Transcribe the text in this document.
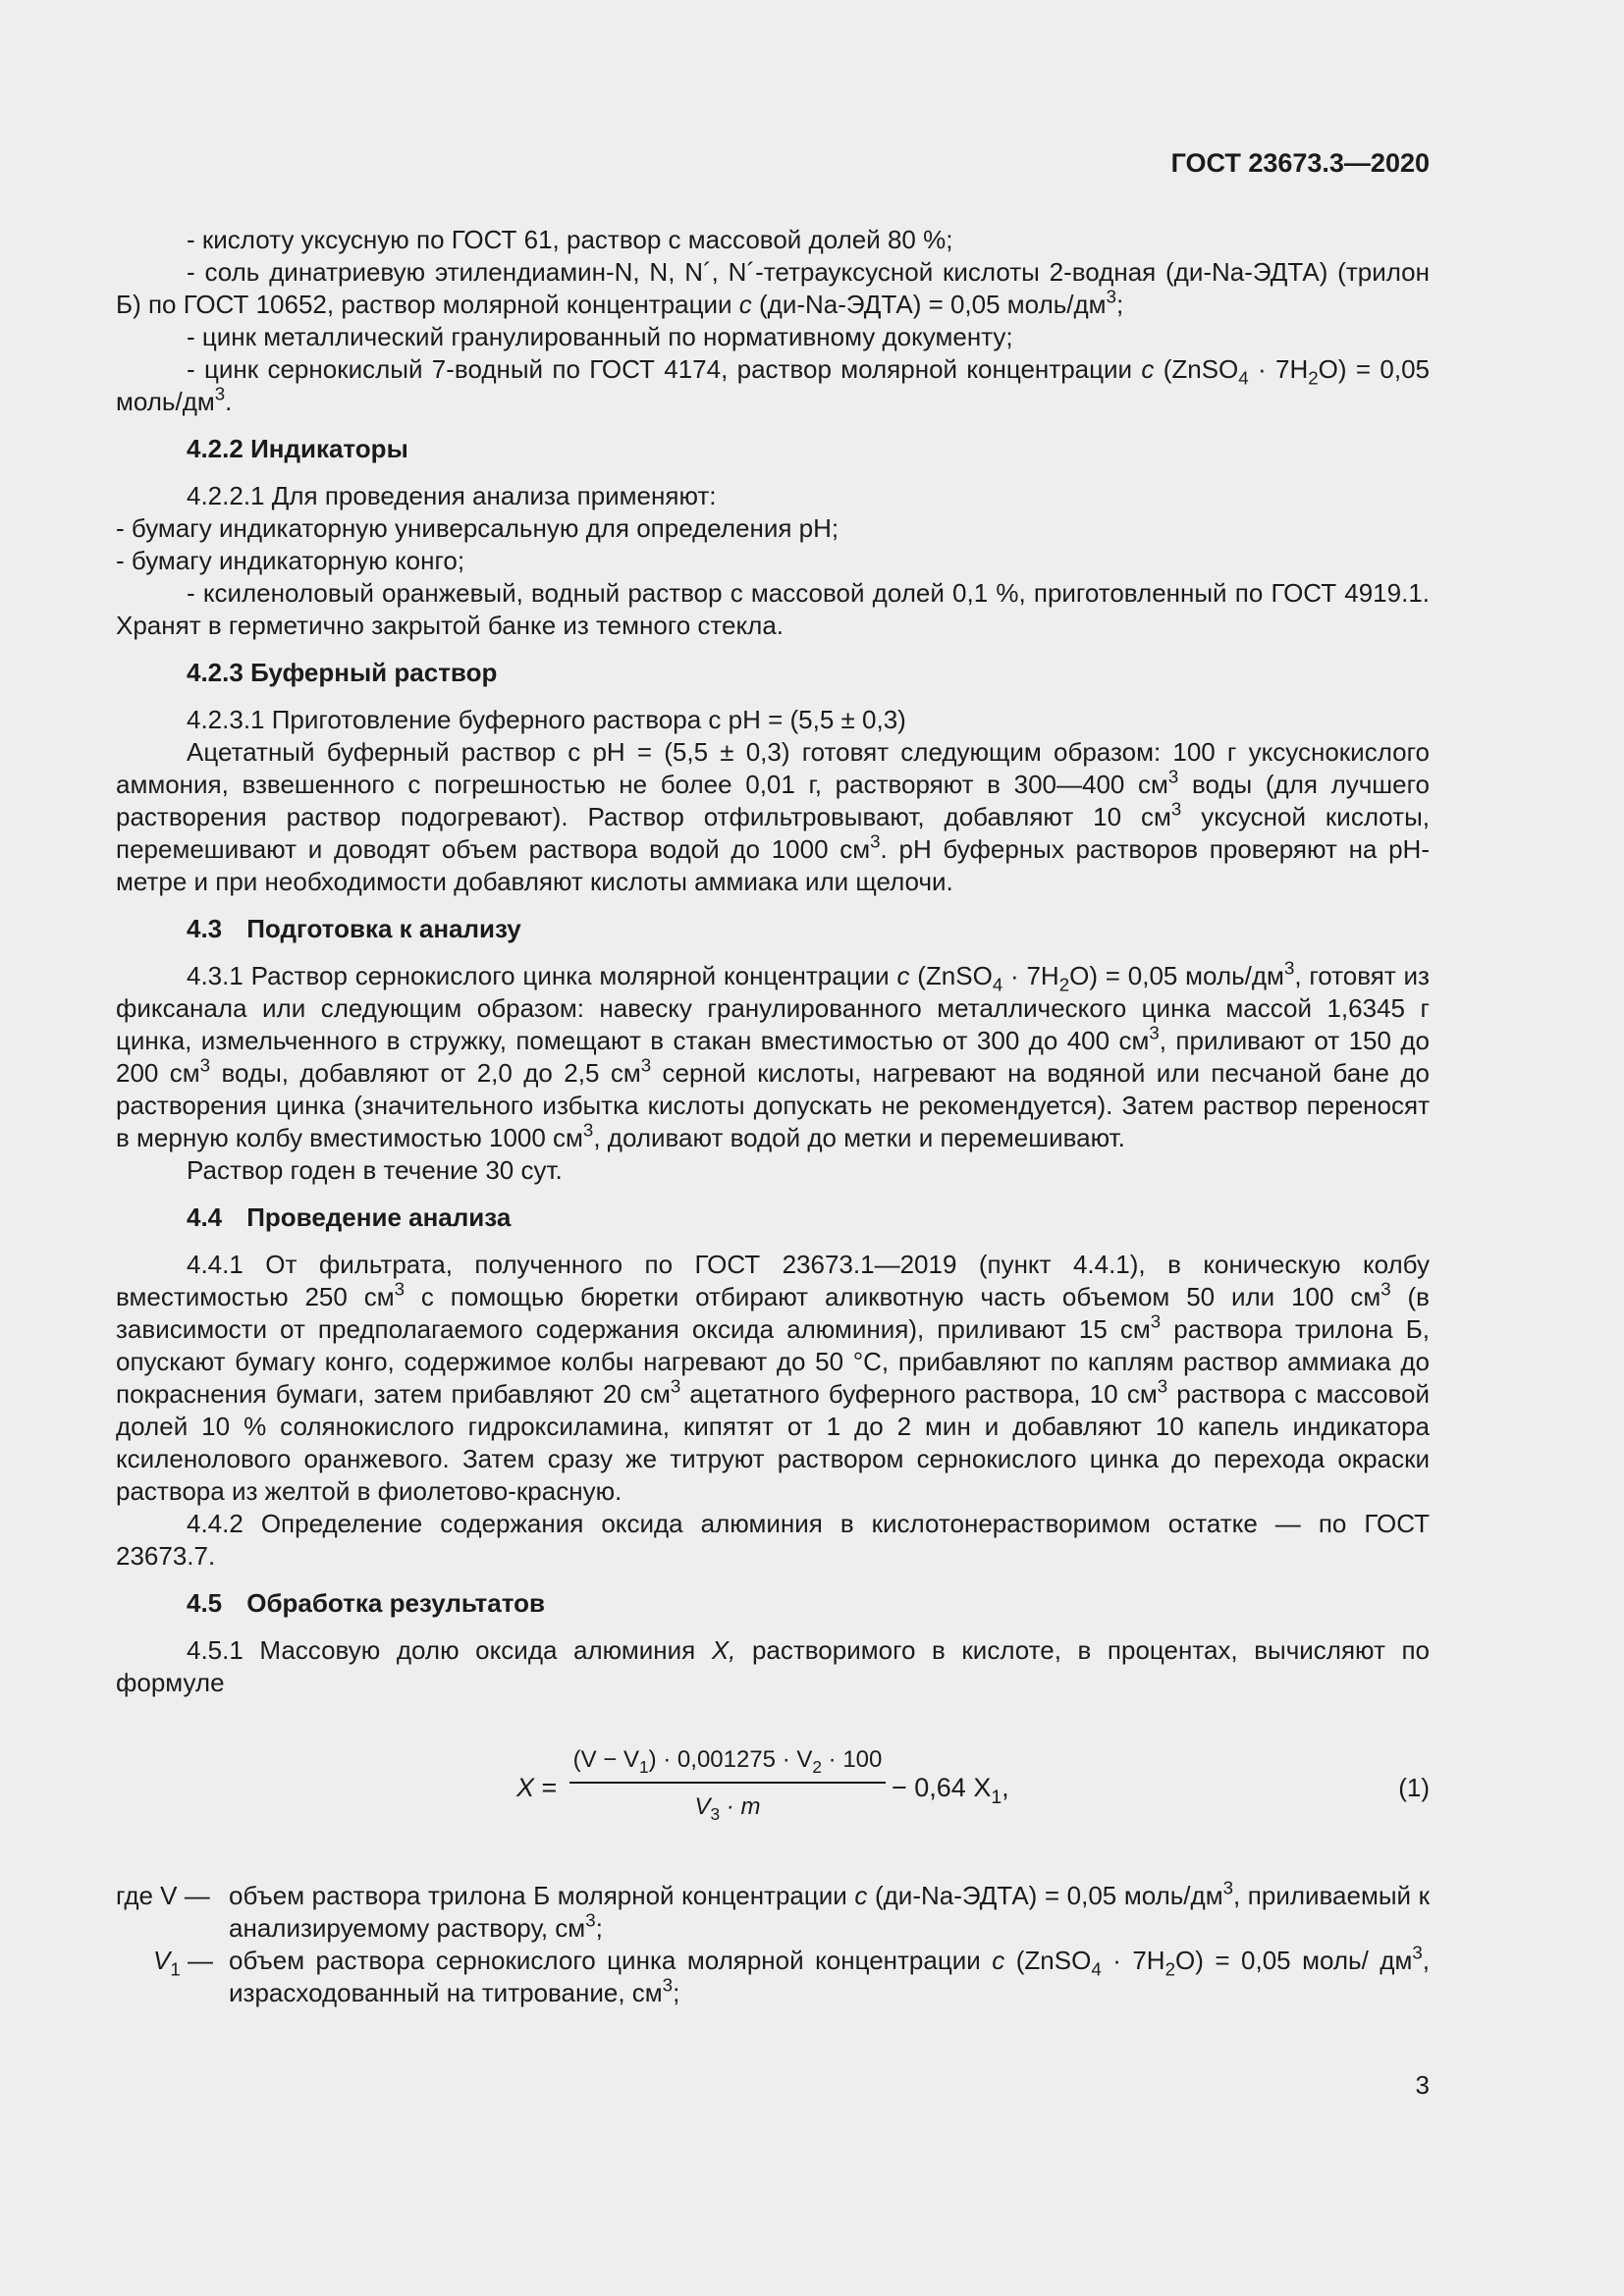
ГОСТ 23673.3—2020

- кислоту уксусную по ГОСТ 61, раствор с массовой долей 80 %;

- соль динатриевую этилендиамин-N, N, N´, N´-тетрауксусной кислоты 2-водная (ди-Na-ЭДТА) (трилон Б) по ГОСТ 10652, раствор молярной концентрации c (ди-Na-ЭДТА) = 0,05 моль/$дм^3$;

- цинк металлический гранулированный по нормативному документу;

- цинк сернокислый 7-водный по ГОСТ 4174, раствор молярной концентрации c (ZnSO$_4$ · $7H_2O) = 0,05$ моль/$дм^3$.

4.2.2 Индикаторы

4.2.2.1 Для проведения анализа применяют:

- бумагу индикаторную универсальную для определения pH;

- бумагу индикаторную конго;

- ксиленоловый оранжевый, водный раствор с массовой долей 0,1 %, приготовленный по ГОСТ 4919.1. Хранят в герметично закрытой банке из темного стекла.

4.2.3 Буферный раствор

4.2.3.1 Приготовление буферного раствора с pH = (5,5 ± 0,3)

Ацетатный буферный раствор с pH = (5,5 ± 0,3) готовят следующим образом: 100 г уксуснокислого аммония, взвешенного с погрешностью не более 0,01 г, растворяют в 300—400 $см^3$ воды (для лучшего растворения раствор подогревают). Раствор отфильтровывают, добавляют 10 $см^3$ уксусной кислоты, перемешивают и доводят объем раствора водой до 1000 $см^3$. pH буферных растворов проверяют на pH-метре и при необходимости добавляют кислоты аммиака или щелочи.

4.3 Подготовка к анализу

4.3.1 Раствор сернокислого цинка молярной концентрации c (ZnSO$_4$ · $7H_2O) = 0,05$ моль/$дм^3$, готовят из фиксанала или следующим образом: навеску гранулированного металлического цинка массой 1,6345 г цинка, измельченного в стружку, помещают в стакан вместимостью от 300 до 400 $см^3$, приливают от 150 до 200 $см^3$ воды, добавляют от 2,0 до 2,5 $см^3$ серной кислоты, нагревают на водяной или песчаной бане до растворения цинка (значительного избытка кислоты допускать не рекомендуется). Затем раствор переносят в мерную колбу вместимостью 1000 $см^3$, доливают водой до метки и перемешивают.

Раствор годен в течение 30 сут.

4.4 Проведение анализа

4.4.1 От фильтрата, полученного по ГОСТ 23673.1—2019 (пункт 4.4.1), в коническую колбу вместимостью 250 $см^3$ с помощью бюретки отбирают аликвотную часть объемом 50 или 100 $см^3$ (в зависимости от предполагаемого содержания оксида алюминия), приливают 15 $см^3$ раствора трилона Б, опускают бумагу конго, содержимое колбы нагревают до 50 °C, прибавляют по каплям раствор аммиака до покраснения бумаги, затем прибавляют 20 $см^3$ ацетатного буферного раствора, 10 $см^3$ раствора с массовой долей 10 % солянокислого гидроксиламина, кипятят от 1 до 2 мин и добавляют 10 капель индикатора ксиленолового оранжевого. Затем сразу же титруют раствором сернокислого цинка до перехода окраски раствора из желтой в фиолетово-красную.

4.4.2 Определение содержания оксида алюминия в кислотонерастворимом остатке — по ГОСТ 23673.7.

4.5 Обработка результатов

4.5.1 Массовую долю оксида алюминия X, растворимого в кислоте, в процентах, вычисляют по формуле

X =
$(V - V_1) \cdot 0,001275 \cdot V_2 \cdot 100$
$V_3 \cdot m$
− 0,64 $X_1$,	(1)
где V — объем раствора трилона Б молярной концентрации c (ди-Na-ЭДТА) = 0,05 моль/$дм^3$, приливаемый к анализируемому раствору, $см^3$;
$V_1$ — объем раствора сернокислого цинка молярной концентрации c (ZnSO$_4$ · $7H_2O) = 0,05$ моль/ $дм^3$, израсходованный на титрование, $см^3$;
3
